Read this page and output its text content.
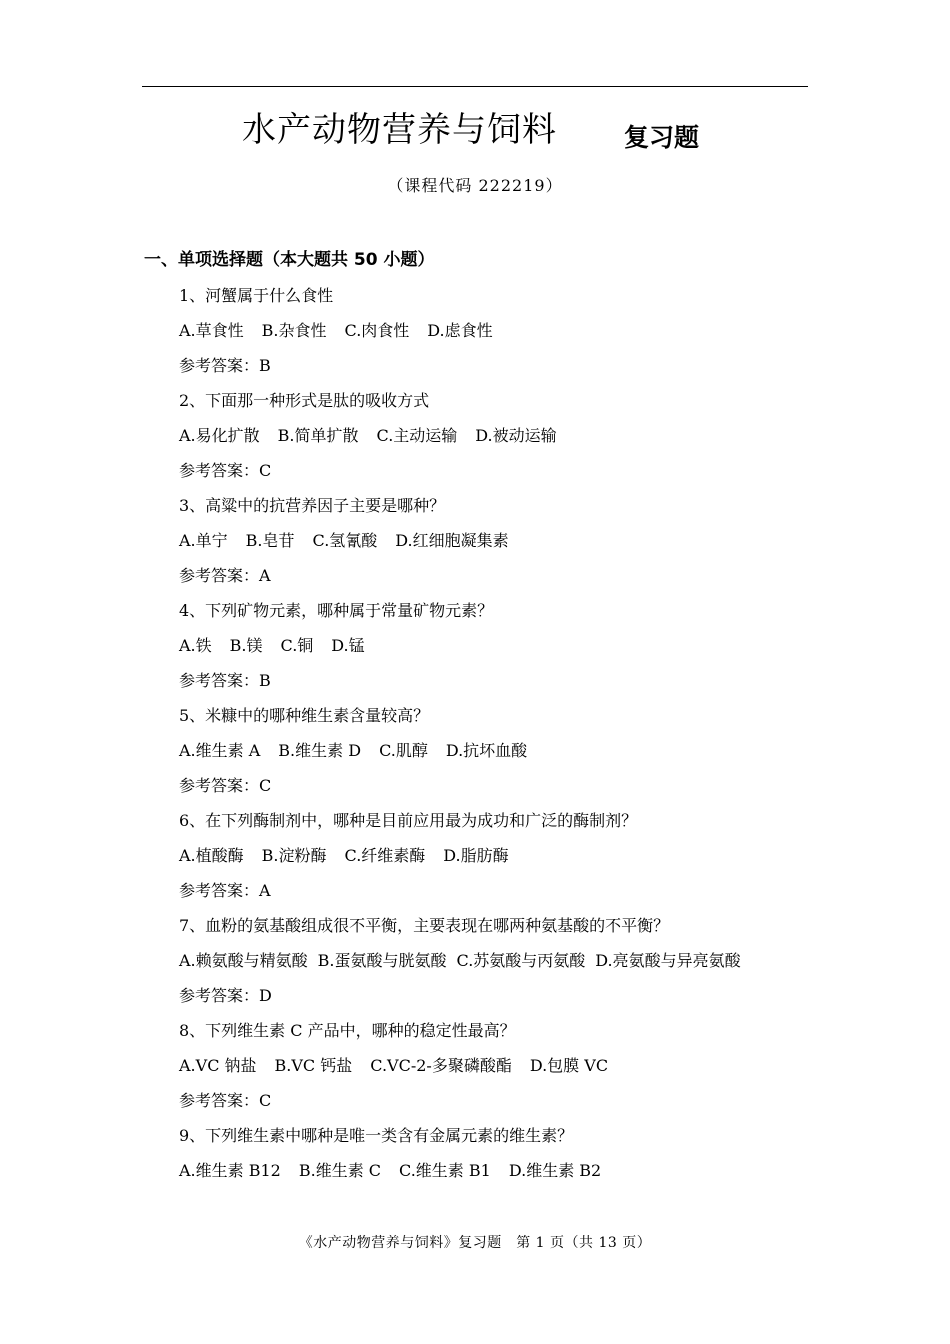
水产动物营养与饲料	复习题
（课程代码 222219）
一、单项选择题（本大题共 50 小题）

1、河蟹属于什么食性

A.草食性 B.杂食性 C.肉食性 D.虑食性

参考答案：B

2、下面那一种形式是肽的吸收方式

A.易化扩散 B.简单扩散 C.主动运输 D.被动运输

参考答案：C

3、高粱中的抗营养因子主要是哪种？

A.单宁 B.皂苷 C.氢氰酸 D.红细胞凝集素

参考答案：A

4、下列矿物元素，哪种属于常量矿物元素？

A.铁 B.镁 C.铜 D.锰

参考答案：B

5、米糠中的哪种维生素含量较高？

A.维生素 A B.维生素 D C.肌醇 D.抗坏血酸

参考答案：C

6、在下列酶制剂中，哪种是目前应用最为成功和广泛的酶制剂？

A.植酸酶 B.淀粉酶 C.纤维素酶 D.脂肪酶

参考答案：A

7、血粉的氨基酸组成很不平衡，主要表现在哪两种氨基酸的不平衡？

A.赖氨酸与精氨酸 B.蛋氨酸与胱氨酸 C.苏氨酸与丙氨酸 D.亮氨酸与异亮氨酸

参考答案：D

8、下列维生素 C 产品中，哪种的稳定性最高？

A.VC 钠盐 B.VC 钙盐 C.VC-2-多聚磷酸酯 D.包膜 VC

参考答案：C

9、下列维生素中哪种是唯一类含有金属元素的维生素？

A.维生素 B12 B.维生素 C C.维生素 B1 D.维生素 B2

《水产动物营养与饲料》复习题　第 1 页（共 13 页）
